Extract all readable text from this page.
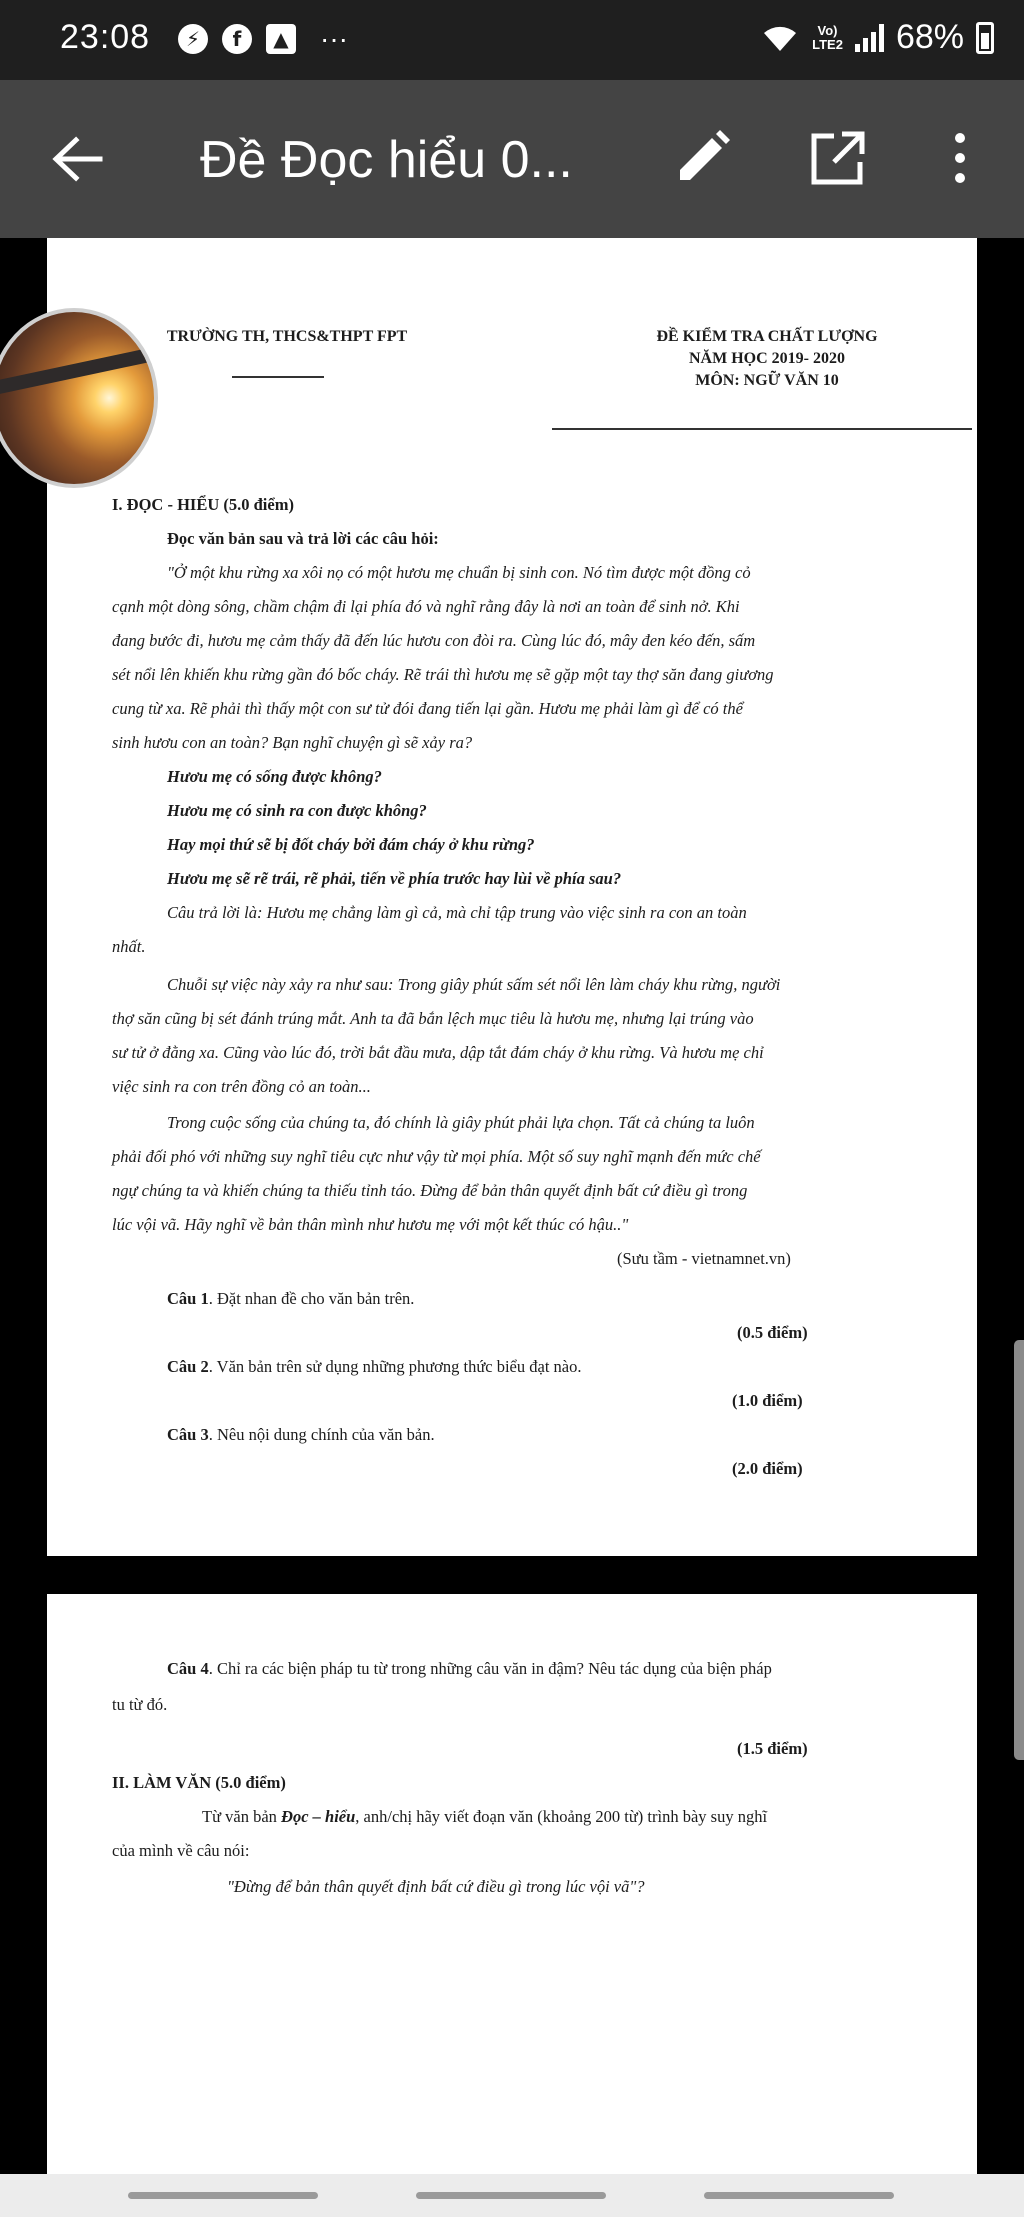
23:08	⚡	f	▲ ···	Vo)
LTE2 68%
Đề Đọc hiểu 0...
TRƯỜNG TH, THCS&THPT FPT	ĐỀ KIỂM TRA CHẤT LƯỢNG
NĂM HỌC 2019- 2020
MÔN: NGỮ VĂN 10
I. ĐỌC - HIỂU (5.0 điểm)
Đọc văn bản sau và trả lời các câu hỏi:
"Ở một khu rừng xa xôi nọ có một hươu mẹ chuẩn bị sinh con. Nó tìm được một đồng cỏ
cạnh một dòng sông, chầm chậm đi lại phía đó và nghĩ rằng đây là nơi an toàn để sinh nở. Khi
đang bước đi, hươu mẹ cảm thấy đã đến lúc hươu con đòi ra. Cùng lúc đó, mây đen kéo đến, sấm
sét nổi lên khiến khu rừng gần đó bốc cháy. Rẽ trái thì hươu mẹ sẽ gặp một tay thợ săn đang giương
cung từ xa. Rẽ phải thì thấy một con sư tử đói đang tiến lại gần. Hươu mẹ phải làm gì để có thể
sinh hươu con an toàn? Bạn nghĩ chuyện gì sẽ xảy ra?
Hươu mẹ có sống được không?
Hươu mẹ có sinh ra con được không?
Hay mọi thứ sẽ bị đốt cháy bởi đám cháy ở khu rừng?
Hươu mẹ sẽ rẽ trái, rẽ phải, tiến về phía trước hay lùi về phía sau?
Câu trả lời là: Hươu mẹ chẳng làm gì cả, mà chỉ tập trung vào việc sinh ra con an toàn
nhất.
Chuỗi sự việc này xảy ra như sau: Trong giây phút sấm sét nổi lên làm cháy khu rừng, người
thợ săn cũng bị sét đánh trúng mắt. Anh ta đã bắn lệch mục tiêu là hươu mẹ, nhưng lại trúng vào
sư tử ở đằng xa. Cũng vào lúc đó, trời bắt đầu mưa, dập tắt đám cháy ở khu rừng. Và hươu mẹ chỉ
việc sinh ra con trên đồng cỏ an toàn...
Trong cuộc sống của chúng ta, đó chính là giây phút phải lựa chọn. Tất cả chúng ta luôn
phải đối phó với những suy nghĩ tiêu cực như vậy từ mọi phía. Một số suy nghĩ mạnh đến mức chế
ngự chúng ta và khiến chúng ta thiếu tỉnh táo. Đừng để bản thân quyết định bất cứ điều gì trong
lúc vội vã. Hãy nghĩ về bản thân mình như hươu mẹ với một kết thúc có hậu.."
(Sưu tầm - vietnamnet.vn)
Câu 1. Đặt nhan đề cho văn bản trên.
(0.5 điểm)
Câu 2. Văn bản trên sử dụng những phương thức biểu đạt nào.
(1.0 điểm)
Câu 3. Nêu nội dung chính của văn bản.
(2.0 điểm)
Câu 4. Chỉ ra các biện pháp tu từ trong những câu văn in đậm? Nêu tác dụng của biện pháp
tu từ đó.
(1.5 điểm)
II. LÀM VĂN (5.0 điểm)
Từ văn bản Đọc – hiểu, anh/chị hãy viết đoạn văn (khoảng 200 từ) trình bày suy nghĩ
của mình về câu nói:
"Đừng để bản thân quyết định bất cứ điều gì trong lúc vội vã"?
